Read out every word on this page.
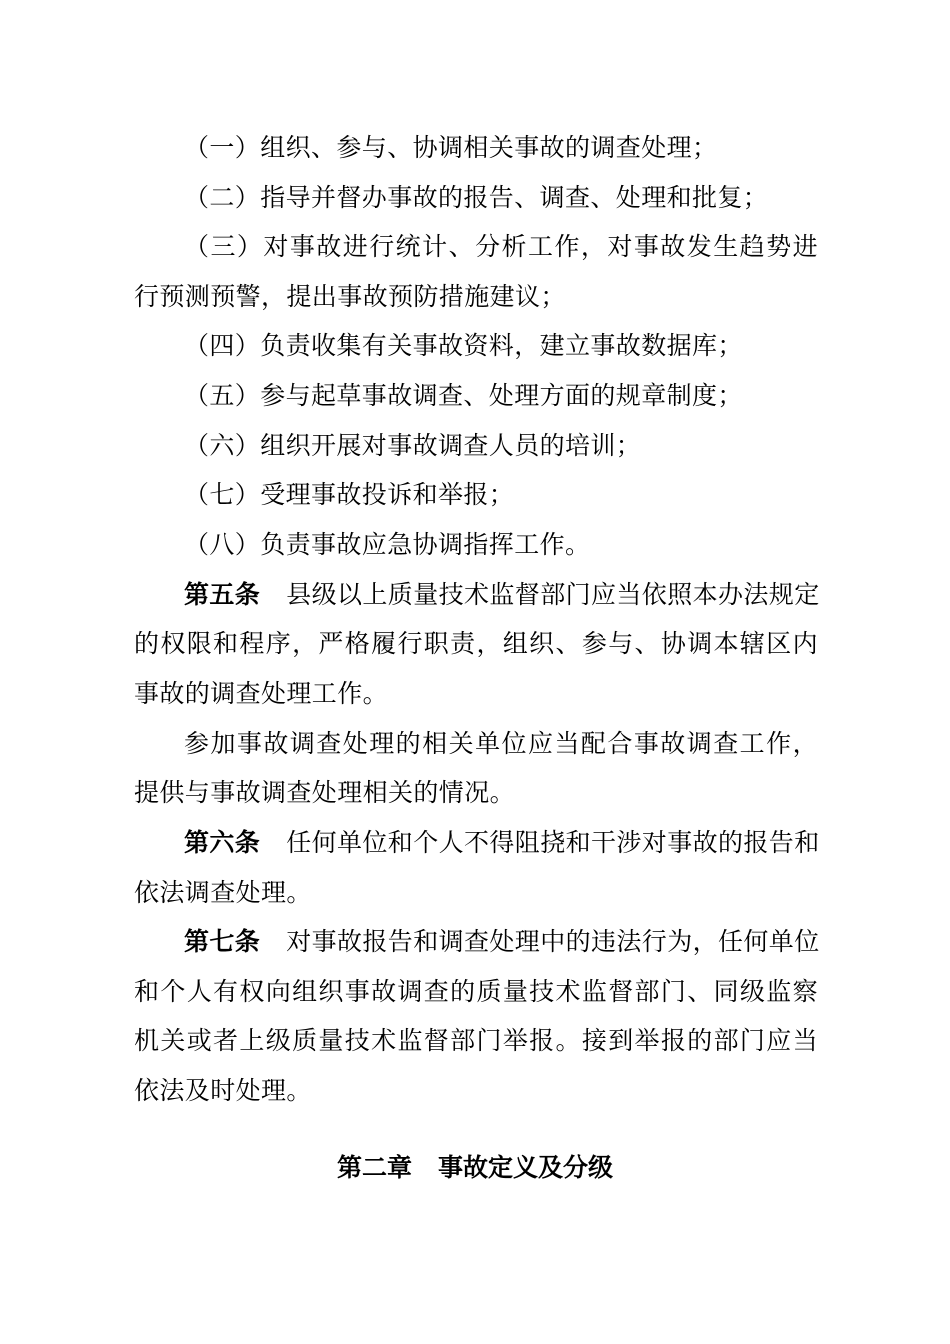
（一）组织、参与、协调相关事故的调查处理；
（二）指导并督办事故的报告、调查、处理和批复；
（三）对事故进行统计、分析工作，对事故发生趋势进
行预测预警，提出事故预防措施建议；
（四）负责收集有关事故资料，建立事故数据库；
（五）参与起草事故调查、处理方面的规章制度；
（六）组织开展对事故调查人员的培训；
（七）受理事故投诉和举报；
（八）负责事故应急协调指挥工作。
第五条 县级以上质量技术监督部门应当依照本办法规定
的权限和程序，严格履行职责，组织、参与、协调本辖区内
事故的调查处理工作。
参加事故调查处理的相关单位应当配合事故调查工作，
提供与事故调查处理相关的情况。
第六条 任何单位和个人不得阻挠和干涉对事故的报告和
依法调查处理。
第七条 对事故报告和调查处理中的违法行为，任何单位
和个人有权向组织事故调查的质量技术监督部门、同级监察
机关或者上级质量技术监督部门举报。接到举报的部门应当
依法及时处理。
第二章 事故定义及分级
